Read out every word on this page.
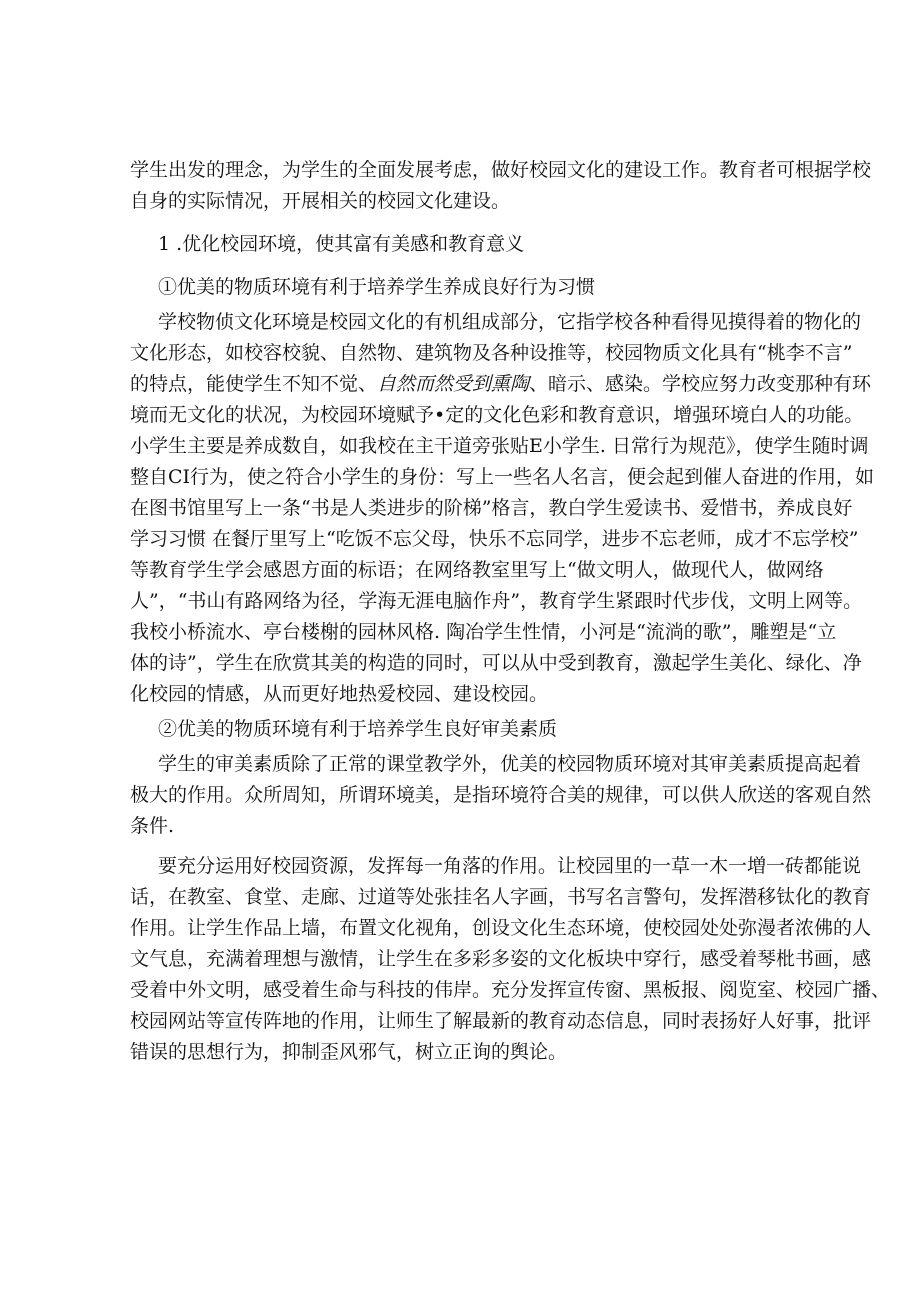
学生出发的理念，为学生的全面发展考虑，做好校园文化的建设工作。教育者可根据学校
自身的实际情况，开展相关的校园文化建设。
1 .优化校园环境，使其富有美感和教育意义
①优美的物质环境有利于培养学生养成良好行为习惯
学校物侦文化环境是校园文化的有机组成部分，它指学校各种看得见摸得着的物化的
文化形态，如校容校貌、自然物、建筑物及各种设推等，校园物质文化具有“桃李不言”
的特点，能使学生不知不觉、自然而然受到熏陶、暗示、感染。学校应努力改变那种有环
境而无文化的状况，为校园环境赋予•定的文化色彩和教育意识，增强环境白人的功能。
小学生主要是养成数自，如我校在主干道旁张贴E小学生. 日常行为规范》，使学生随时调
整自CI行为，使之符合小学生的身份：写上一些名人名言，便会起到催人奋进的作用，如
在图书馆里写上一条“书是人类进步的阶梯”格言，教白学生爱读书、爱惜书，养成良好
学习习惯 在餐厅里写上“吃饭不忘父母，快乐不忘同学，进步不忘老师，成才不忘学校”
等教育学生学会感恩方面的标语；在网络教室里写上“做文明人，做现代人，做网络
人”，“书山有路网络为径，学海无涯电脑作舟”，教育学生紧跟时代步伐，文明上网等。
我校小桥流水、亭台楼榭的园林风格. 陶冶学生性情，小河是“流淌的歌”，雕塑是“立
体的诗”，学生在欣赏其美的构造的同时，可以从中受到教育，激起学生美化、绿化、净
化校园的情感，从而更好地热爱校园、建设校园。
②优美的物质环境有利于培养学生良好审美素质
学生的审美素质除了正常的课堂教学外，优美的校园物质环境对其审美素质提高起着
极大的作用。众所周知，所谓环境美，是指环境符合美的规律，可以供人欣送的客观自然
条件.
要充分运用好校园资源，发挥每一角落的作用。让校园里的一草一木一増一砖都能说
话，在教室、食堂、走廊、过道等处张挂名人字画，书写名言警句，发挥潜移钛化的教育
作用。让学生作品上墙，布置文化视角，创设文化生态环境，使校园处处弥漫者浓佛的人
文气息，充满着理想与激情，让学生在多彩多姿的文化板块中穿行，感受着琴枇书画，感
受着中外文明，感受着生命与科技的伟岸。充分发挥宣传窗、黑板报、阅览室、校园广播、
校园网站等宣传阵地的作用，让师生了解最新的教育动态信息，同时表扬好人好事，批评
错误的思想行为，抑制歪风邪气，树立正询的舆论。
